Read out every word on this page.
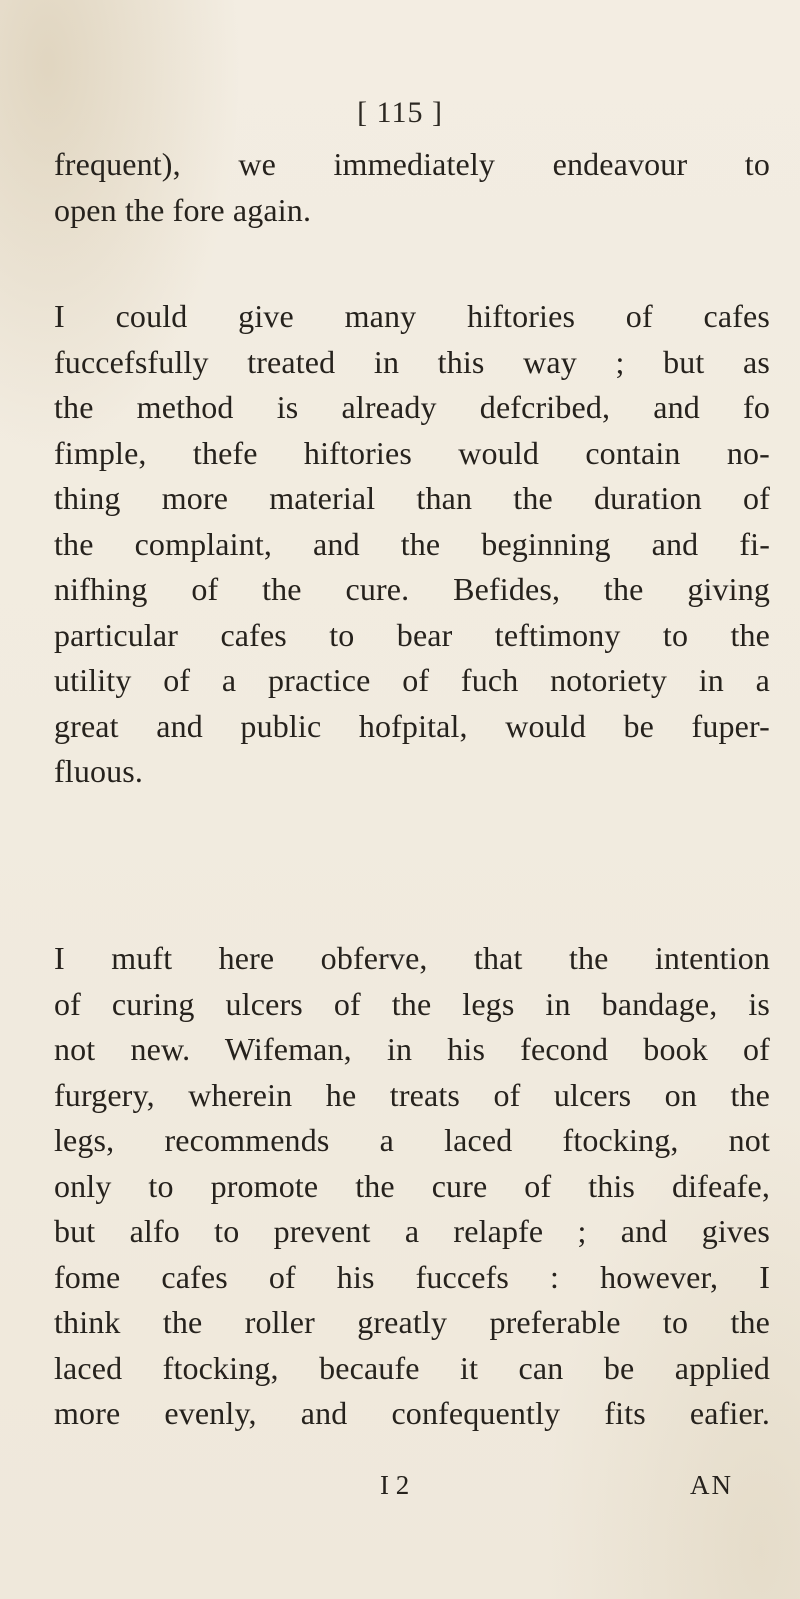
[ 115 ]
frequent), we immediately endeavour to
open the fore again.
I could give many hiftories of cafes
fuccefsfully treated in this way ; but as
the method is already defcribed, and fo
fimple, thefe hiftories would contain no-
thing more material than the duration of
the complaint, and the beginning and fi-
nifhing of the cure. Befides, the giving
particular cafes to bear teftimony to the
utility of a practice of fuch notoriety in a
great and public hofpital, would be fuper-
fluous.
I muft here obferve, that the intention
of curing ulcers of the legs in bandage, is
not new. Wifeman, in his fecond book of
furgery, wherein he treats of ulcers on the
legs, recommends a laced ftocking, not
only to promote the cure of this difeafe,
but alfo to prevent a relapfe ; and gives
fome cafes of his fuccefs : however, I
think the roller greatly preferable to the
laced ftocking, becaufe it can be applied
more evenly, and confequently fits eafier.
I 2	AN
